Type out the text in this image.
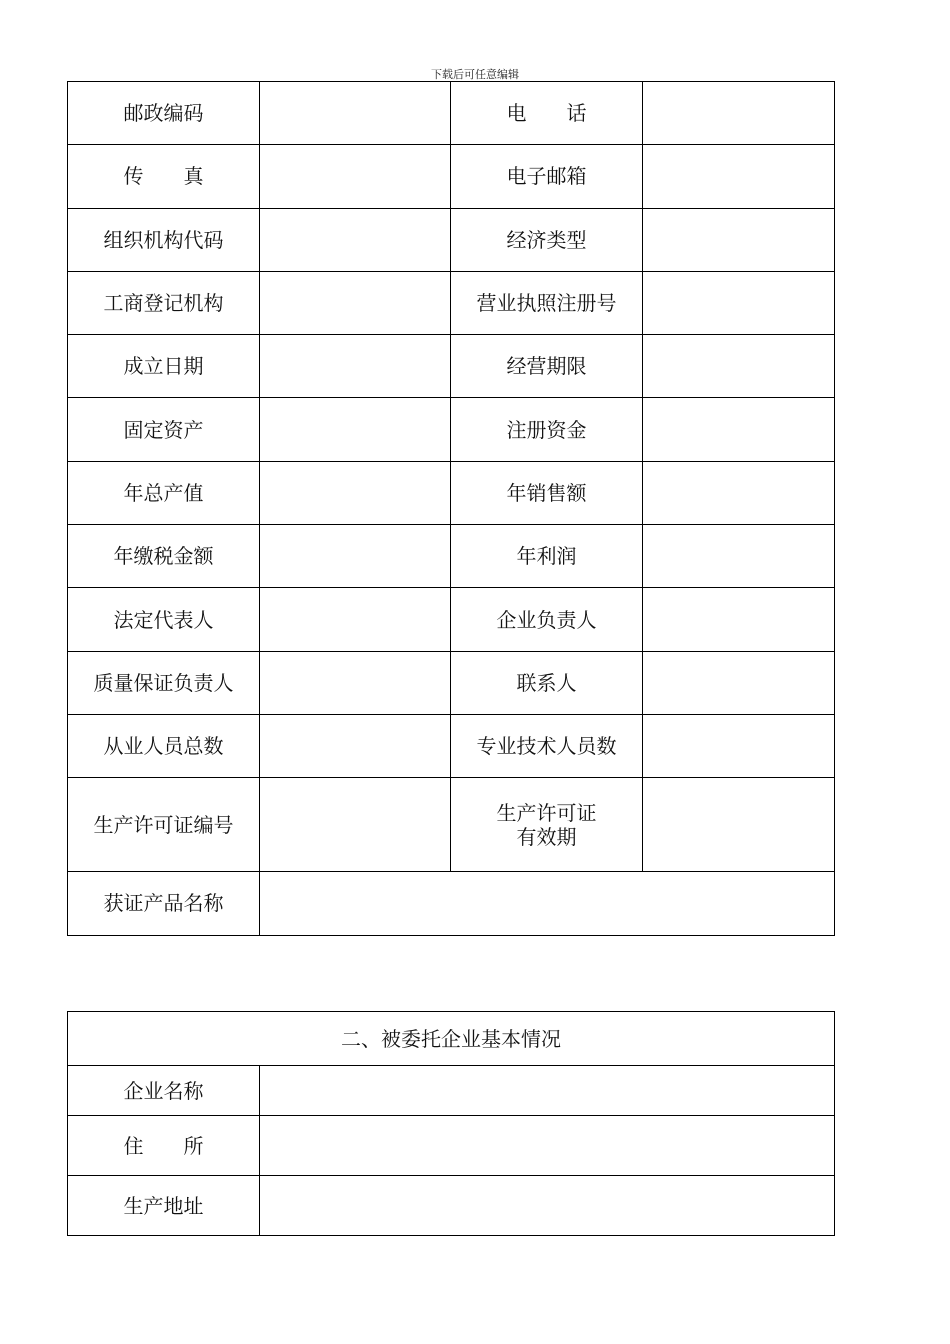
下载后可任意编辑
邮政编码		电　　话	
传　　真		电子邮箱	
组织机构代码		经济类型	
工商登记机构		营业执照注册号	
成立日期		经营期限	
固定资产		注册资金	
年总产值		年销售额	
年缴税金额		年利润	
法定代表人		企业负责人	
质量保证负责人		联系人	
从业人员总数		专业技术人员数	
生产许可证编号		生产许可证
有效期	

获证产品名称			
二、被委托企业基本情况	
企业名称	
住　　所	
生产地址	
